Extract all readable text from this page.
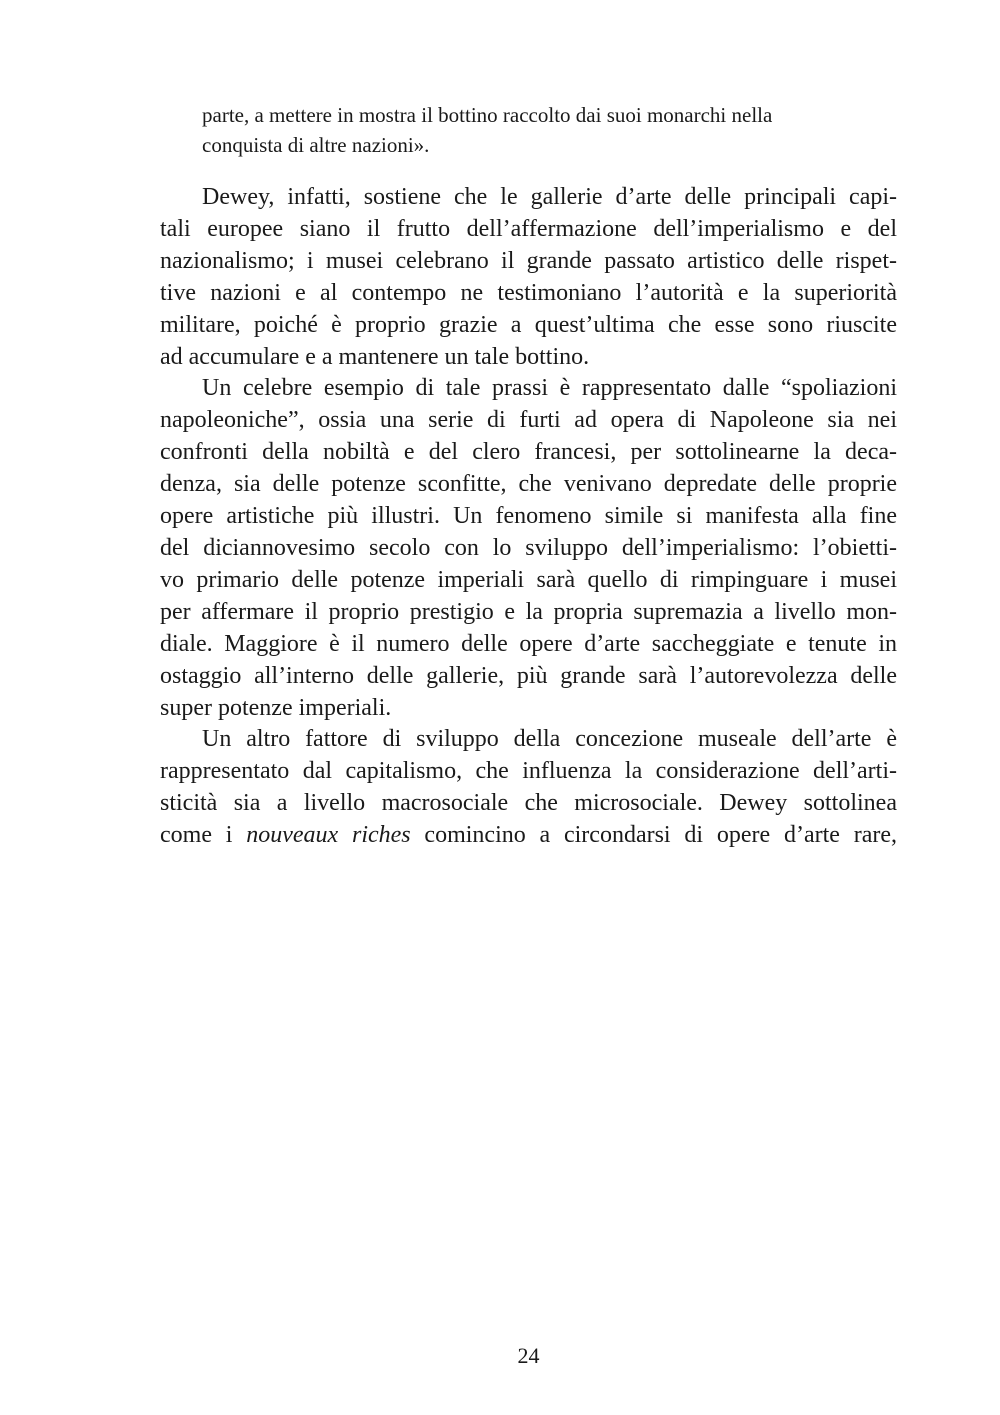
parte, a mettere in mostra il bottino raccolto dai suoi monarchi nella
conquista di altre nazioni».

Dewey, infatti, sostiene che le gallerie d’arte delle principali capi-
tali europee siano il frutto dell’affermazione dell’imperialismo e del
nazionalismo; i musei celebrano il grande passato artistico delle rispet-
tive nazioni e al contempo ne testimoniano l’autorità e la superiorità
militare, poiché è proprio grazie a quest’ultima che esse sono riuscite
ad accumulare e a mantenere un tale bottino.

Un celebre esempio di tale prassi è rappresentato dalle “spoliazioni
napoleoniche”, ossia una serie di furti ad opera di Napoleone sia nei
confronti della nobiltà e del clero francesi, per sottolinearne la deca-
denza, sia delle potenze sconfitte, che venivano depredate delle proprie
opere artistiche più illustri. Un fenomeno simile si manifesta alla fine
del diciannovesimo secolo con lo sviluppo dell’imperialismo: l’obietti-
vo primario delle potenze imperiali sarà quello di rimpinguare i musei
per affermare il proprio prestigio e la propria supremazia a livello mon-
diale. Maggiore è il numero delle opere d’arte saccheggiate e tenute in
ostaggio all’interno delle gallerie, più grande sarà l’autorevolezza delle
super potenze imperiali.

Un altro fattore di sviluppo della concezione museale dell’arte è
rappresentato dal capitalismo, che influenza la considerazione dell’arti-
sticità sia a livello macrosociale che microsociale. Dewey sottolinea
come i nouveaux riches comincino a circondarsi di opere d’arte rare,

24
